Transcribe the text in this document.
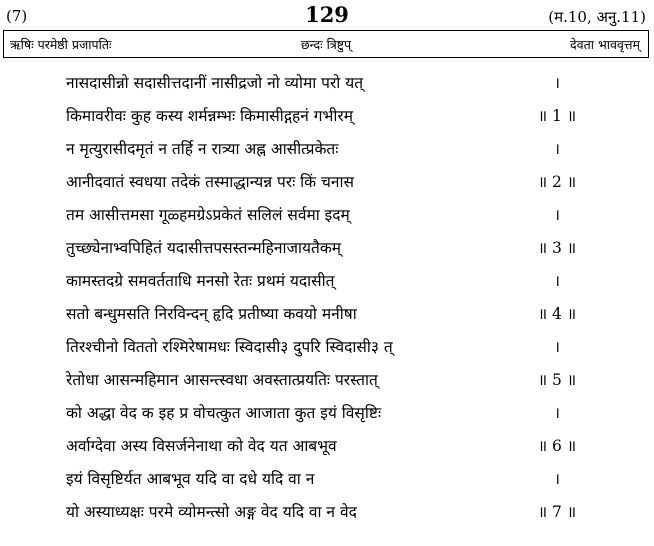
(7)	129	(म.10, अनु.11)
ऋषिः परमेष्ठी प्रजापतिः	छन्दः त्रिष्टुप्	देवता भाववृत्तम्
नासदासीन्नो सदासीत्तदानीं नासीद्रजो नो व्योमा परो यत्	।
किमावरीवः कुह कस्य शर्मन्नम्भः किमासीद्गहनं गभीरम्	॥ 1 ॥
न मृत्युरासीदमृतं न तर्हि न रात्र्या अह्न आसीत्प्रकेतः	।
आनीदवातं स्वधया तदेकं तस्माद्धान्यन्न परः किं चनास	॥ 2 ॥
तम आसीत्तमसा गूळ्हमग्रेऽप्रकेतं सलिलं सर्वमा इदम्	।
तुच्छ्येनाभ्वपिहितं यदासीत्तपसस्तन्महिनाजायतैकम्	॥ 3 ॥
कामस्तदग्रे समवर्तताधि मनसो रेतः प्रथमं यदासीत्	।
सतो बन्धुमसति निरविन्दन् हृदि प्रतीष्या कवयो मनीषा	॥ 4 ॥
तिरश्चीनो विततो रश्मिरेषामधः स्विदासी३ दुपरि स्विदासी३ त्	।
रेतोधा आसन्महिमान आसन्त्स्वधा अवस्तात्प्रयतिः परस्तात्	॥ 5 ॥
को अद्धा वेद क इह प्र वोचत्कुत आजाता कुत इयं विसृष्टिः	।
अर्वाग्देवा अस्य विसर्जनेनाथा को वेद यत आबभूव	॥ 6 ॥
इयं विसृष्टिर्यत आबभूव यदि वा दधे यदि वा न	।
यो अस्याध्यक्षः परमे व्योमन्त्सो अङ्ग वेद यदि वा न वेद	॥ 7 ॥
